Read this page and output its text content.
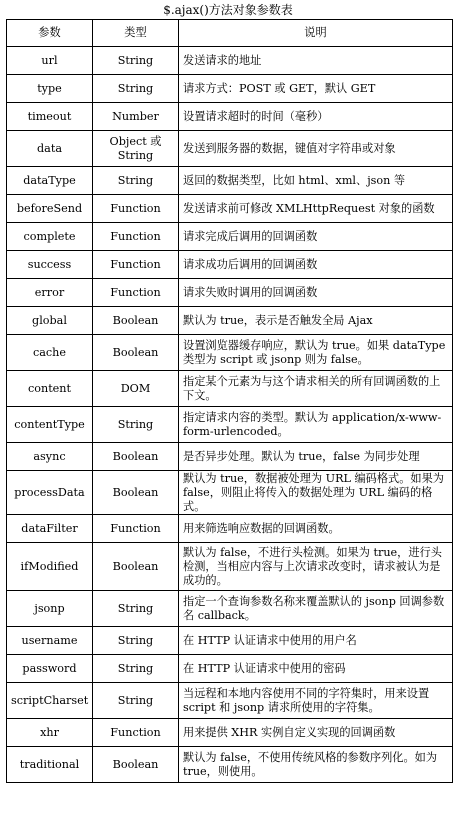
$.ajax()方法对象参数表
参数	类型	说明
url	String	发送请求的地址
type	String	请求方式：POST 或 GET，默认 GET
timeout	Number	设置请求超时的时间（毫秒）
data	Object 或 String	发送到服务器的数据，键值对字符串或对象
dataType	String	返回的数据类型，比如 html、xml、json 等
beforeSend	Function	发送请求前可修改 XMLHttpRequest 对象的函数
complete	Function	请求完成后调用的回调函数
success	Function	请求成功后调用的回调函数
error	Function	请求失败时调用的回调函数
global	Boolean	默认为 true，表示是否触发全局 Ajax
cache	Boolean	设置浏览器缓存响应，默认为 true。如果 dataType 类型为 script 或 jsonp 则为 false。
content	DOM	指定某个元素为与这个请求相关的所有回调函数的上下文。
contentType	String	指定请求内容的类型。默认为 application/x-www-form-urlencoded。
async	Boolean	是否异步处理。默认为 true，false 为同步处理
processData	Boolean	默认为 true，数据被处理为 URL 编码格式。如果为 false，则阻止将传入的数据处理为 URL 编码的格式。
dataFilter	Function	用来筛选响应数据的回调函数。
ifModified	Boolean	默认为 false，不进行头检测。如果为 true，进行头检测，当相应内容与上次请求改变时，请求被认为是成功的。
jsonp	String	指定一个查询参数名称来覆盖默认的 jsonp 回调参数名 callback。
username	String	在 HTTP 认证请求中使用的用户名
password	String	在 HTTP 认证请求中使用的密码
scriptCharset	String	当远程和本地内容使用不同的字符集时，用来设置 script 和 jsonp 请求所使用的字符集。
xhr	Function	用来提供 XHR 实例自定义实现的回调函数
traditional	Boolean	默认为 false，不使用传统风格的参数序列化。如为 true，则使用。
